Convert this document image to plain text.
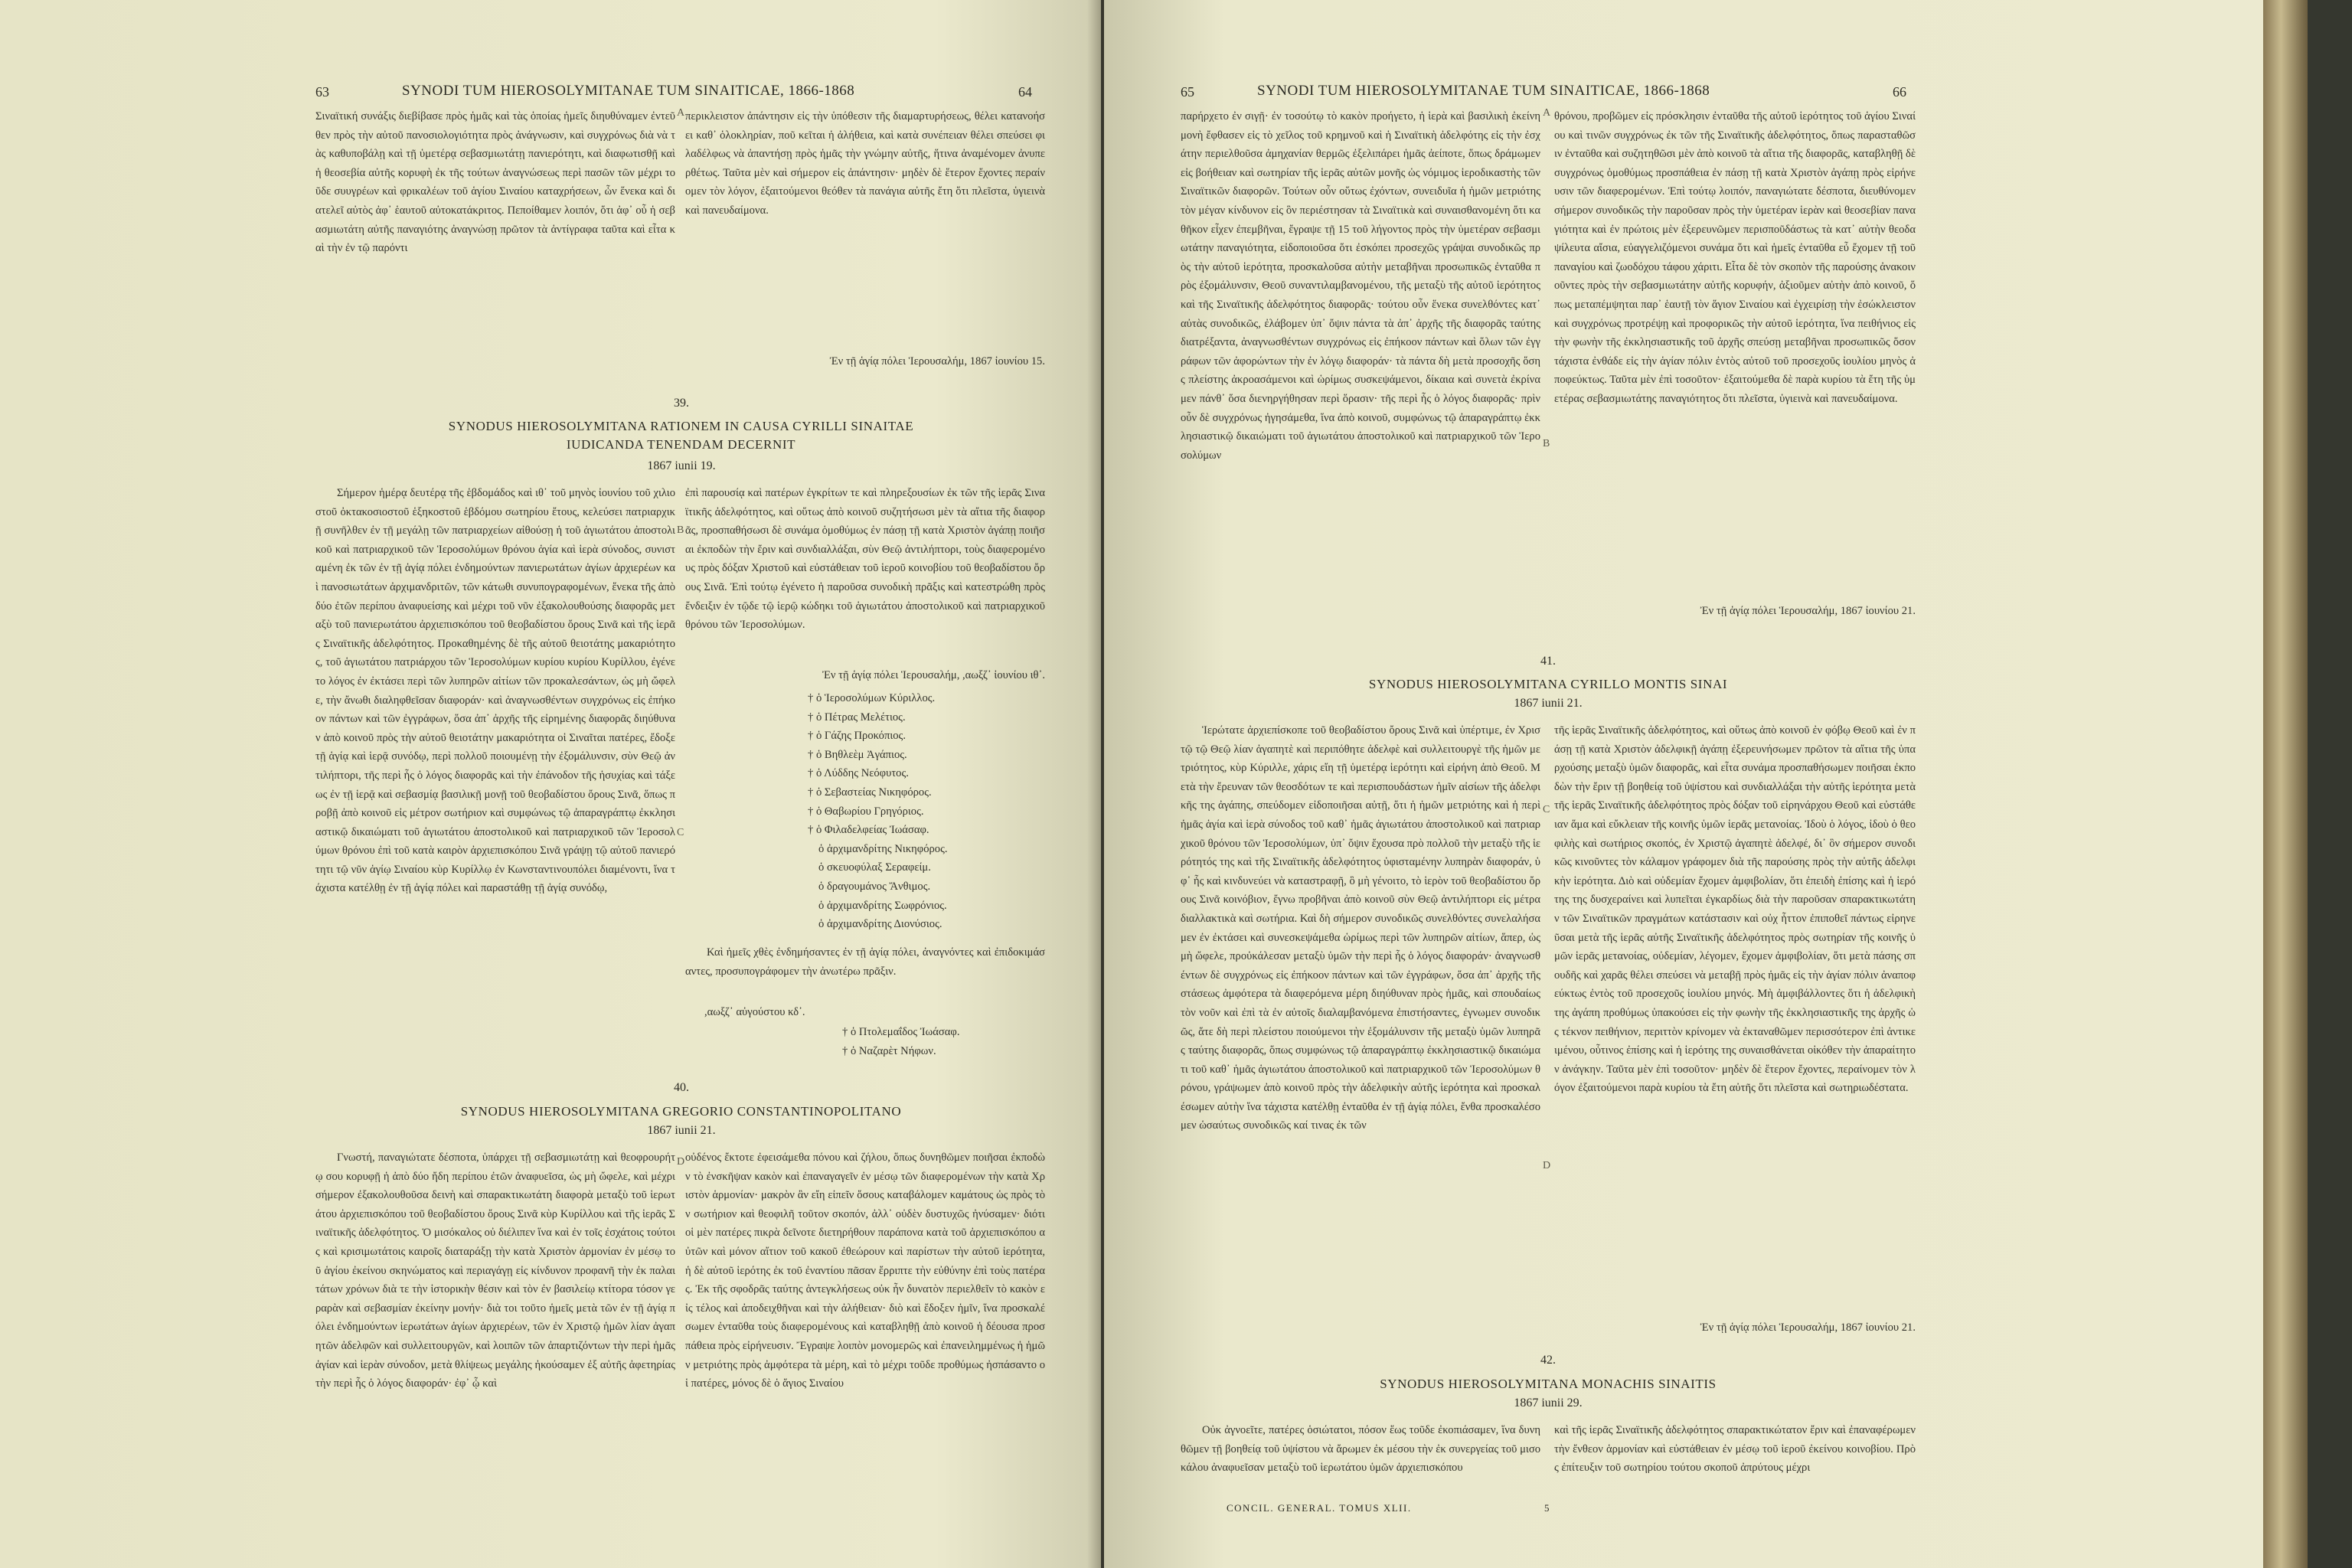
63	SYNODI TUM HIEROSOLYMITANAE TUM SINAITICAE, 1866-1868	64

Σιναϊτική συνάξις διεβίβασε πρὸς ἡμᾶς καὶ τὰς ὁποίας ἡμεῖς διηυθύναμεν ἐντεῦθεν πρὸς τὴν αὐτοῦ πανοσιολογιότητα πρὸς ἀνάγνωσιν, καὶ συγχρόνως διὰ νὰ τὰς καθυποβάλῃ καὶ τῇ ὑμετέρᾳ σεβασμιωτάτῃ πανιερότητι, καὶ διαφωτισθῇ καὶ ἡ θεοσεβία αὐτῆς κορυφὴ ἐκ τῆς τούτων ἀναγνώσεως περὶ πασῶν τῶν μέχρι τοῦδε συυγρέων καὶ φρικαλέων τοῦ ἁγίου Σιναίου καταχρήσεων, ὧν ἕνεκα καὶ διατελεῖ αὐτὸς ἀφ᾽ ἑαυτοῦ αὐτοκατάκριτος. Πεποίθαμεν λοιπόν, ὅτι ἀφ᾽ οὗ ἡ σεβασμιωτάτη αὐτῆς παναγιότης ἀναγνώσῃ πρῶτον τὰ ἀντίγραφα ταῦτα καὶ εἶτα καὶ τὴν ἐν τῷ παρόντι

περικλειστον ἀπάντησιν εἰς τὴν ὑπόθεσιν τῆς διαμαρτυρήσεως, θέλει κατανοήσει καθ᾽ ὁλοκληρίαν, ποῦ κεῖται ἡ ἀλήθεια, καὶ κατὰ συνέπειαν θέλει σπεύσει φιλαδέλφως νὰ ἀπαντήσῃ πρὸς ἡμᾶς τὴν γνώμην αὐτῆς, ἥτινα ἀναμένομεν ἀνυπερθέτως. Ταῦτα μὲν καὶ σήμερον εἰς ἀπάντησιν· μηδὲν δὲ ἕτερον ἔχοντες περαίνομεν τὸν λόγον, ἐξαιτούμενοι θεόθεν τὰ πανάγια αὐτῆς ἔτη ὅτι πλεῖστα, ὑγιεινὰ καὶ πανευδαίμονα.

Ἐν τῇ ἁγίᾳ πόλει Ἱερουσαλήμ, 1867 ἰουνίου 15.
39.
SYNODUS HIEROSOLYMITANA RATIONEM IN CAUSA CYRILLI SINAITAE
IUDICANDA TENENDAM DECERNIT
1867 iunii 19.

Σήμερον ἡμέρᾳ δευτέρᾳ τῆς ἑβδομάδος καὶ ιθ᾽ τοῦ μηνὸς ἰουνίου τοῦ χιλιοστοῦ ὀκτακοσιοστοῦ ἑξηκοστοῦ ἑβδόμου σωτηρίου ἔτους, κελεύσει πατριαρχικῇ συνῆλθεν ἐν τῇ μεγάλῃ τῶν πατριαρχείων αἰθούσῃ ἡ τοῦ ἁγιωτάτου ἀποστολικοῦ καὶ πατριαρχικοῦ τῶν Ἱεροσολύμων θρόνου ἁγία καὶ ἱερὰ σύνοδος, συνισταμένη ἐκ τῶν ἐν τῇ ἁγίᾳ πόλει ἐνδημούντων πανιερωτάτων ἁγίων ἀρχιερέων καὶ πανοσιωτάτων ἀρχιμανδριτῶν, τῶν κάτωθι συνυπογραφομένων, ἕνεκα τῆς ἀπὸ δύο ἐτῶν περίπου ἀναφυείσης καὶ μέχρι τοῦ νῦν ἐξακολουθούσης διαφορᾶς μεταξὺ τοῦ πανιερωτάτου ἀρχιεπισκόπου τοῦ θεοβαδίστου ὄρους Σινᾶ καὶ τῆς ἱερᾶς Σιναϊτικῆς ἀδελφότητος. Προκαθημένης δὲ τῆς αὐτοῦ θειοτάτης μακαριότητος, τοῦ ἁγιωτάτου πατριάρχου τῶν Ἱεροσολύμων κυρίου κυρίου Κυρίλλου, ἐγένετο λόγος ἐν ἐκτάσει περὶ τῶν λυπηρῶν αἰτίων τῶν προκαλεσάντων, ὡς μὴ ὤφελε, τὴν ἄνωθι διαληφθεῖσαν διαφοράν· καὶ ἀναγνωσθέντων συγχρόνως εἰς ἐπήκοον πάντων καὶ τῶν ἐγγράφων, ὅσα ἀπ᾽ ἀρχῆς τῆς εἰρημένης διαφορᾶς διηύθυναν ἀπὸ κοινοῦ πρὸς τὴν αὐτοῦ θειοτάτην μακαριότητα οἱ Σιναῖται πατέρες, ἔδοξε τῇ ἁγίᾳ καὶ ἱερᾷ συνόδῳ, περὶ πολλοῦ ποιουμένῃ τὴν ἐξομάλυνσιν, σὺν Θεῷ ἀντιλήπτορι, τῆς περὶ ἧς ὁ λόγος διαφορᾶς καὶ τὴν ἐπάνοδον τῆς ἡσυχίας καὶ τάξεως ἐν τῇ ἱερᾷ καὶ σεβασμίᾳ βασιλικῇ μονῇ τοῦ θεοβαδίστου ὄρους Σινᾶ, ὅπως προβῇ ἀπὸ κοινοῦ εἰς μέτρον σωτήριον καὶ συμφώνως τῷ ἀπαραγράπτῳ ἐκκλησιαστικῷ δικαιώματι τοῦ ἁγιωτάτου ἀποστολικοῦ καὶ πατριαρχικοῦ τῶν Ἱεροσολύμων θρόνου ἐπὶ τοῦ κατὰ καιρὸν ἀρχιεπισκόπου Σινᾶ γράψῃ τῷ αὐτοῦ πανιερότητι τῷ νῦν ἁγίῳ Σιναίου κὺρ Κυρίλλῳ ἐν Κωνσταντινουπόλει διαμένοντι, ἵνα τάχιστα κατέλθῃ ἐν τῇ ἁγίᾳ πόλει καὶ παραστάθῃ τῇ ἁγίᾳ συνόδῳ,

ἐπὶ παρουσίᾳ καὶ πατέρων ἐγκρίτων τε καὶ πληρεξουσίων ἐκ τῶν τῆς ἱερᾶς Σιναϊτικῆς ἀδελφότητος, καὶ οὕτως ἀπὸ κοινοῦ συζητήσωσι μὲν τὰ αἴτια τῆς διαφορᾶς, προσπαθήσωσι δὲ συνάμα ὁμοθύμως ἐν πάσῃ τῇ κατὰ Χριστὸν ἀγάπῃ ποιῆσαι ἐκποδὼν τὴν ἔριν καὶ συνδιαλλάξαι, σὺν Θεῷ ἀντιλήπτορι, τοὺς διαφερομένους πρὸς δόξαν Χριστοῦ καὶ εὐστάθειαν τοῦ ἱεροῦ κοινοβίου τοῦ θεοβαδίστου ὄρους Σινᾶ. Ἐπὶ τούτῳ ἐγένετο ἡ παροῦσα συνοδικὴ πρᾶξις καὶ κατεστρώθη πρὸς ἔνδειξιν ἐν τῷδε τῷ ἱερῷ κώδηκι τοῦ ἁγιωτάτου ἀποστολικοῦ καὶ πατριαρχικοῦ θρόνου τῶν Ἱεροσολύμων.

Ἐν τῇ ἁγίᾳ πόλει Ἱερουσαλήμ, ,αωξζ᾽ ἰουνίου ιθ᾽.
† ὁ Ἱεροσολύμων Κύριλλος.
† ὁ Πέτρας Μελέτιος.
† ὁ Γάζης Προκόπιος.
† ὁ Βηθλεὲμ Ἀγάπιος.
† ὁ Λύδδης Νεόφυτος.
† ὁ Σεβαστείας Νικηφόρος.
† ὁ Θαβωρίου Γρηγόριος.
† ὁ Φιλαδελφείας Ἰωάσαφ.
ὁ ἀρχιμανδρίτης Νικηφόρος.
ὁ σκευοφύλαξ Σεραφείμ.
ὁ δραγουμάνος Ἄνθιμος.
ὁ ἀρχιμανδρίτης Σωφρόνιος.
ὁ ἀρχιμανδρίτης Διονύσιος.

Καὶ ἡμεῖς χθὲς ἐνδημήσαντες ἐν τῇ ἁγίᾳ πόλει, ἀναγνόντες καὶ ἐπιδοκιμάσαντες, προσυπογράφομεν τὴν ἀνωτέρω πρᾶξιν.

,αωξζ᾽ αὐγούστου κδ᾽.
† ὁ Πτολεμαΐδος Ἰωάσαφ.
† ὁ Ναζαρὲτ Νήφων.
40.
SYNODUS HIEROSOLYMITANA GREGORIO CONSTANTINOPOLITANO
1867 iunii 21.

Γνωστή, παναγιώτατε δέσποτα, ὑπάρχει τῇ σεβασμιωτάτῃ καὶ θεοφρουρήτῳ σου κορυφῇ ἡ ἀπὸ δύο ἤδη περίπου ἐτῶν ἀναφυεῖσα, ὡς μὴ ὤφελε, καὶ μέχρι σήμερον ἐξακολουθοῦσα δεινὴ καὶ σπαρακτικωτάτη διαφορὰ μεταξὺ τοῦ ἱερωτάτου ἀρχιεπισκόπου τοῦ θεοβαδίστου ὄρους Σινᾶ κὺρ Κυρίλλου καὶ τῆς ἱερᾶς Σιναϊτικῆς ἀδελφότητος. Ὁ μισόκαλος οὐ διέλιπεν ἵνα καὶ ἐν τοῖς ἐσχάτοις τούτοις καὶ κρισιμωτάτοις καιροῖς διαταράξῃ τὴν κατὰ Χριστὸν ἁρμονίαν ἐν μέσῳ τοῦ ἁγίου ἐκείνου σκηνώματος καὶ περιαγάγῃ εἰς κίνδυνον προφανῆ τὴν ἐκ παλαιτάτων χρόνων διὰ τε τὴν ἱστορικὴν θέσιν καὶ τὸν ἐν βασιλείῳ κτίτορα τόσον γεραρὰν καὶ σεβασμίαν ἐκείνην μονήν· διὰ τοι τοῦτο ἡμεῖς μετὰ τῶν ἐν τῇ ἁγίᾳ πόλει ἐνδημούντων ἱερωτάτων ἁγίων ἀρχιερέων, τῶν ἐν Χριστῷ ἡμῶν λίαν ἀγαπητῶν ἀδελφῶν καὶ συλλειτουργῶν, καὶ λοιπῶν τῶν ἀπαρτιζόντων τὴν περὶ ἡμᾶς ἁγίαν καὶ ἱερὰν σύνοδον, μετὰ θλίψεως μεγάλης ἠκούσαμεν ἐξ αὐτῆς ἀφετηρίας τὴν περὶ ἧς ὁ λόγος διαφοράν· ἐφ᾽ ᾧ καὶ

οὐδένος ἔκτοτε ἐφεισάμεθα πόνου καὶ ζήλου, ὅπως δυνηθῶμεν ποιῆσαι ἐκποδὼν τὸ ἐνσκῆψαν κακὸν καὶ ἐπαναγαγεῖν ἐν μέσῳ τῶν διαφερομένων τὴν κατὰ Χριστὸν ἁρμονίαν· μακρὸν ἂν εἴη εἰπεῖν ὅσους καταβάλομεν καμάτους ὡς πρὸς τὸν σωτήριον καὶ θεοφιλῆ τοῦτον σκοπόν, ἀλλ᾽ οὐδὲν δυστυχῶς ἠνύσαμεν· διότι οἱ μὲν πατέρες πικρὰ δεῖνοτε διετηρήθουν παράπονα κατὰ τοῦ ἀρχιεπισκόπου αὐτῶν καὶ μόνον αἴτιον τοῦ κακοῦ ἐθεώρουν καὶ παρίστων τὴν αὐτοῦ ἱερότητα, ἡ δὲ αὐτοῦ ἱερότης ἐκ τοῦ ἐναντίου πᾶσαν ἔρριπτε τὴν εὐθύνην ἐπὶ τοὺς πατέρας. Ἐκ τῆς σφοδρᾶς ταύτης ἀντεγκλήσεως οὐκ ἦν δυνατὸν περιελθεῖν τὸ κακὸν εἰς τέλος καὶ ἀποδειχθῆναι καὶ τὴν ἀλήθειαν· διὸ καὶ ἔδοξεν ἡμῖν, ἵνα προσκαλέσωμεν ἐνταῦθα τοὺς διαφερομένους καὶ καταβληθῇ ἀπὸ κοινοῦ ἡ δέουσα προσπάθεια πρὸς εἰρήνευσιν. Ἔγραψε λοιπὸν μονομερῶς καὶ ἐπανειλημμένως ἡ ἡμῶν μετριότης πρὸς ἀμφότερα τὰ μέρη, καὶ τὸ μέχρι τοῦδε προθύμως ἠσπάσαντο οἱ πατέρες, μόνος δὲ ὁ ἅγιος Σιναίου

A
B
C
D
65	SYNODI TUM HIEROSOLYMITANAE TUM SINAITICAE, 1866-1868	66

παρήρχετο ἐν σιγῇ· ἐν τοσούτῳ τὸ κακὸν προήγετο, ἡ ἱερὰ καὶ βασιλικὴ ἐκείνη μονὴ ἔφθασεν εἰς τὸ χεῖλος τοῦ κρημνοῦ καὶ ἡ Σιναϊτικὴ ἀδελφότης εἰς τὴν ἐσχάτην περιελθοῦσα ἀμηχανίαν θερμῶς ἐξελιπάρει ἡμᾶς ἀείποτε, ὅπως δράμωμεν εἰς βοήθειαν καὶ σωτηρίαν τῆς ἱερᾶς αὐτῶν μονῆς ὡς νόμιμος ἱεροδικαστὴς τῶν Σιναϊτικῶν διαφορῶν. Τούτων οὖν οὕτως ἐχόντων, συνειδυῖα ἡ ἡμῶν μετριότης τὸν μέγαν κίνδυνον εἰς ὃν περιέστησαν τὰ Σιναϊτικὰ καὶ συναισθανομένη ὅτι καθῆκον εἶχεν ἐπεμβῆναι, ἔγραψε τῇ 15 τοῦ λήγοντος πρὸς τὴν ὑμετέραν σεβασμιωτάτην παναγιότητα, εἰδοποιοῦσα ὅτι ἐσκόπει προσεχῶς γράψαι συνοδικῶς πρὸς τὴν αὐτοῦ ἱερότητα, προσκαλοῦσα αὐτὴν μεταβῆναι προσωπικῶς ἐνταῦθα πρὸς ἐξομάλυνσιν, Θεοῦ συναντιλαμβανομένου, τῆς μεταξὺ τῆς αὐτοῦ ἱερότητος καὶ τῆς Σιναϊτικῆς ἀδελφότητος διαφορᾶς· τούτου οὖν ἕνεκα συνελθόντες κατ᾽ αὐτὰς συνοδικῶς, ἐλάβομεν ὑπ᾽ ὄψιν πάντα τὰ ἀπ᾽ ἀρχῆς τῆς διαφορᾶς ταύτης διατρέξαντα, ἀναγνωσθέντων συγχρόνως εἰς ἐπήκοον πάντων καὶ ὅλων τῶν ἐγγράφων τῶν ἀφορώντων τὴν ἐν λόγῳ διαφοράν· τὰ πάντα δὴ μετὰ προσοχῆς ὅσης πλείστης ἀκροασάμενοι καὶ ὡρίμως συσκεψάμενοι, δίκαια καὶ συνετὰ ἐκρίναμεν πάνθ᾽ ὅσα διενηργήθησαν περὶ ὅρασιν· τῆς περὶ ἧς ὁ λόγος διαφορᾶς· πρὶν οὖν δὲ συγχρόνως ἠγησάμεθα, ἵνα ἀπὸ κοινοῦ, συμφώνως τῷ ἀπαραγράπτῳ ἐκκλησιαστικῷ δικαιώματι τοῦ ἁγιωτάτου ἀποστολικοῦ καὶ πατριαρχικοῦ τῶν Ἱεροσολύμων

θρόνου, προβῶμεν εἰς πρόσκλησιν ἐνταῦθα τῆς αὐτοῦ ἱερότητος τοῦ ἁγίου Σιναίου καὶ τινῶν συγχρόνως ἐκ τῶν τῆς Σιναϊτικῆς ἀδελφότητος, ὅπως παρασταθῶσιν ἐνταῦθα καὶ συζητηθῶσι μὲν ἀπὸ κοινοῦ τὰ αἴτια τῆς διαφορᾶς, καταβληθῇ δὲ συγχρόνως ὁμοθύμως προσπάθεια ἐν πάσῃ τῇ κατὰ Χριστὸν ἀγάπῃ πρὸς εἰρήνευσιν τῶν διαφερομένων. Ἐπὶ τούτῳ λοιπόν, παναγιώτατε δέσποτα, διευθύνομεν σήμερον συνοδικῶς τὴν παροῦσαν πρὸς τὴν ὑμετέραν ἱερὰν καὶ θεοσεβίαν παναγιότητα καὶ ἐν πρώτοις μὲν ἐξερευνῶμεν περισποῦδάστως τὰ κατ᾽ αὐτὴν θεοδαψίλευτα αἴσια, εὐαγγελιζόμενοι συνάμα ὅτι καὶ ἡμεῖς ἐνταῦθα εὖ ἔχομεν τῇ τοῦ παναγίου καὶ ζωοδόχου τάφου χάριτι. Εἶτα δὲ τὸν σκοπὸν τῆς παρούσης ἀνακοινοῦντες πρὸς τὴν σεβασμιωτάτην αὐτῆς κορυφήν, ἀξιοῦμεν αὐτὴν ἀπὸ κοινοῦ, ὅπως μεταπέμψηται παρ᾽ ἑαυτῇ τὸν ἅγιον Σιναίου καὶ ἐγχειρίσῃ τὴν ἐσώκλειστον καὶ συγχρόνως προτρέψῃ καὶ προφορικῶς τὴν αὐτοῦ ἱερότητα, ἵνα πειθήνιος εἰς τὴν φωνὴν τῆς ἐκκλησιαστικῆς τοῦ ἀρχῆς σπεύσῃ μεταβῆναι προσωπικῶς ὅσον τάχιστα ἐνθάδε εἰς τὴν ἁγίαν πόλιν ἐντὸς αὐτοῦ τοῦ προσεχοῦς ἰουλίου μηνὸς ἀποφεύκτως. Ταῦτα μὲν ἐπὶ τοσοῦτον· ἐξαιτούμεθα δὲ παρὰ κυρίου τὰ ἔτη τῆς ὑμετέρας σεβασμιωτάτης παναγιότητος ὅτι πλεῖστα, ὑγιεινὰ καὶ πανευδαίμονα.

Ἐν τῇ ἁγίᾳ πόλει Ἱερουσαλήμ, 1867 ἰουνίου 21.
41.
SYNODUS HIEROSOLYMITANA CYRILLO MONTIS SINAI
1867 iunii 21.

Ἱερώτατε ἀρχιεπίσκοπε τοῦ θεοβαδίστου ὄρους Σινᾶ καὶ ὑπέρτιμε, ἐν Χριστῷ τῷ Θεῷ λίαν ἀγαπητὲ καὶ περιπόθητε ἀδελφὲ καὶ συλλειτουργὲ τῆς ἡμῶν μετριότητος, κὺρ Κύριλλε, χάρις εἴη τῇ ὑμετέρᾳ ἱερότητι καὶ εἰρήνη ἀπὸ Θεοῦ. Μετὰ τὴν ἔρευναν τῶν θεοσδότων τε καὶ περισπουδάστων ἡμῖν αἰσίων τῆς ἀδελφικῆς της ἀγάπης, σπεύδομεν εἰδοποιῆσαι αὐτῇ, ὅτι ἡ ἡμῶν μετριότης καὶ ἡ περὶ ἡμᾶς ἁγία καὶ ἱερὰ σύνοδος τοῦ καθ᾽ ἡμᾶς ἁγιωτάτου ἀποστολικοῦ καὶ πατριαρχικοῦ θρόνου τῶν Ἱεροσολύμων, ὑπ᾽ ὄψιν ἔχουσα πρὸ πολλοῦ τὴν μεταξὺ τῆς ἱερότητός της καὶ τῆς Σιναϊτικῆς ἀδελφότητος ὑφισταμένην λυπηρὰν διαφοράν, ὑφ᾽ ἧς καὶ κινδυνεύει νὰ καταστραφῇ, ὃ μὴ γένοιτο, τὸ ἱερὸν τοῦ θεοβαδίστου ὄρους Σινᾶ κοινόβιον, ἔγνω προβῆναι ἀπὸ κοινοῦ σὺν Θεῷ ἀντιλήπτορι εἰς μέτρα διαλλακτικὰ καὶ σωτήρια. Καὶ δὴ σήμερον συνοδικῶς συνελθόντες συνελαλήσαμεν ἐν ἐκτάσει καὶ συνεσκεψάμεθα ὡρίμως περὶ τῶν λυπηρῶν αἰτίων, ἅπερ, ὡς μὴ ὤφελε, προὐκάλεσαν μεταξὺ ὑμῶν τὴν περὶ ἧς ὁ λόγος διαφοράν· ἀναγνωσθέντων δὲ συγχρόνως εἰς ἐπήκοον πάντων καὶ τῶν ἐγγράφων, ὅσα ἀπ᾽ ἀρχῆς τῆς στάσεως ἀμφότερα τὰ διαφερόμενα μέρη διηύθυναν πρὸς ἡμᾶς, καὶ σπουδαίως τὸν νοῦν καὶ ἐπὶ τὰ ἐν αὐτοῖς διαλαμβανόμενα ἐπιστήσαντες, ἐγνωμεν συνοδικῶς, ἅτε δὴ περὶ πλείστου ποιούμενοι τὴν ἐξομάλυνσιν τῆς μεταξὺ ὑμῶν λυπηρᾶς ταύτης διαφορᾶς, ὅπως συμφώνως τῷ ἀπαραγράπτῳ ἐκκλησιαστικῷ δικαιώματι τοῦ καθ᾽ ἡμᾶς ἁγιωτάτου ἀποστολικοῦ καὶ πατριαρχικοῦ τῶν Ἱεροσολύμων θρόνου, γράψωμεν ἀπὸ κοινοῦ πρὸς τὴν ἀδελφικὴν αὐτῆς ἱερότητα καὶ προσκαλέσωμεν αὐτὴν ἵνα τάχιστα κατέλθῃ ἐνταῦθα ἐν τῇ ἁγίᾳ πόλει, ἔνθα προσκαλέσομεν ὡσαύτως συνοδικῶς καί τινας ἐκ τῶν

τῆς ἱερᾶς Σιναϊτικῆς ἀδελφότητος, καὶ οὕτως ἀπὸ κοινοῦ ἐν φόβῳ Θεοῦ καὶ ἐν πάσῃ τῇ κατὰ Χριστὸν ἀδελφικῇ ἀγάπῃ ἐξερευνήσωμεν πρῶτον τὰ αἴτια τῆς ὑπαρχούσης μεταξὺ ὑμῶν διαφορᾶς, καὶ εἶτα συνάμα προσπαθήσωμεν ποιῆσαι ἐκποδὼν τὴν ἔριν τῇ βοηθείᾳ τοῦ ὑψίστου καὶ συνδιαλλάξαι τὴν αὐτῆς ἱερότητα μετὰ τῆς ἱερᾶς Σιναϊτικῆς ἀδελφότητος πρὸς δόξαν τοῦ εἰρηνάρχου Θεοῦ καὶ εὐστάθειαν ἅμα καὶ εὔκλειαν τῆς κοινῆς ὑμῶν ἱερᾶς μετανοίας. Ἰδοὺ ὁ λόγος, ἰδοὺ ὁ θεοφιλὴς καὶ σωτήριος σκοπός, ἐν Χριστῷ ἀγαπητὲ ἀδελφέ, δι᾽ ὃν σήμερον συνοδικῶς κινοῦντες τὸν κάλαμον γράφομεν διὰ τῆς παρούσης πρὸς τὴν αὐτῆς ἀδελφικὴν ἱερότητα. Διὸ καὶ οὐδεμίαν ἔχομεν ἀμφιβολίαν, ὅτι ἐπειδὴ ἐπίσης καὶ ἡ ἱερότης της δυσχεραίνει καὶ λυπεῖται ἐγκαρδίως διὰ τὴν παροῦσαν σπαρακτικωτάτην τῶν Σιναϊτικῶν πραγμάτων κατάστασιν καὶ οὐχ ἧττον ἐπιποθεῖ πάντως εἰρηνεῦσαι μετὰ τῆς ἱερᾶς αὐτῆς Σιναϊτικῆς ἀδελφότητος πρὸς σωτηρίαν τῆς κοινῆς ὑμῶν ἱερᾶς μετανοίας, οὐδεμίαν, λέγομεν, ἔχομεν ἀμφιβολίαν, ὅτι μετὰ πάσης σπουδῆς καὶ χαρᾶς θέλει σπεύσει νὰ μεταβῇ πρὸς ἡμᾶς εἰς τὴν ἁγίαν πόλιν ἀναποφεύκτως ἐντὸς τοῦ προσεχοῦς ἰουλίου μηνός. Μὴ ἀμφιβάλλοντες ὅτι ἡ ἀδελφικὴ της ἀγάπη προθύμως ὑπακούσει εἰς τὴν φωνὴν τῆς ἐκκλησιαστικῆς της ἀρχῆς ὡς τέκνον πειθήνιον, περιττὸν κρίνομεν νὰ ἐκταναθῶμεν περισσότερον ἐπὶ ἀντικειμένου, οὗτινος ἐπίσης καὶ ἡ ἱερότης της συναισθάνεται οἰκόθεν τὴν ἀπαραίτητον ἀνάγκην. Ταῦτα μὲν ἐπὶ τοσοῦτον· μηδὲν δὲ ἕτερον ἔχοντες, περαίνομεν τὸν λόγον ἐξαιτούμενοι παρὰ κυρίου τὰ ἔτη αὐτῆς ὅτι πλεῖστα καὶ σωτηριωδέστατα.

Ἐν τῇ ἁγίᾳ πόλει Ἱερουσαλήμ, 1867 ἰουνίου 21.
42.
SYNODUS HIEROSOLYMITANA MONACHIS SINAITIS
1867 iunii 29.

Οὐκ ἀγνοεῖτε, πατέρες ὁσιώτατοι, πόσον ἕως τοῦδε ἐκοπιάσαμεν, ἵνα δυνηθῶμεν τῇ βοηθείᾳ τοῦ ὑψίστου νὰ ἄρωμεν ἐκ μέσου τὴν ἐκ συνεργείας τοῦ μισοκάλου ἀναφυεῖσαν μεταξὺ τοῦ ἱερωτάτου ὑμῶν ἀρχιεπισκόπου

καὶ τῆς ἱερᾶς Σιναϊτικῆς ἀδελφότητος σπαρακτικώτατον ἔριν καὶ ἐπαναφέρωμεν τὴν ἔνθεον ἁρμονίαν καὶ εὐστάθειαν ἐν μέσῳ τοῦ ἱεροῦ ἐκείνου κοινοβίου. Πρὸς ἐπίτευξιν τοῦ σωτηρίου τούτου σκοποῦ ἀπρύτους μέχρι

CONCIL. GENERAL. TOMUS XLII.	5
A
B
C
D
